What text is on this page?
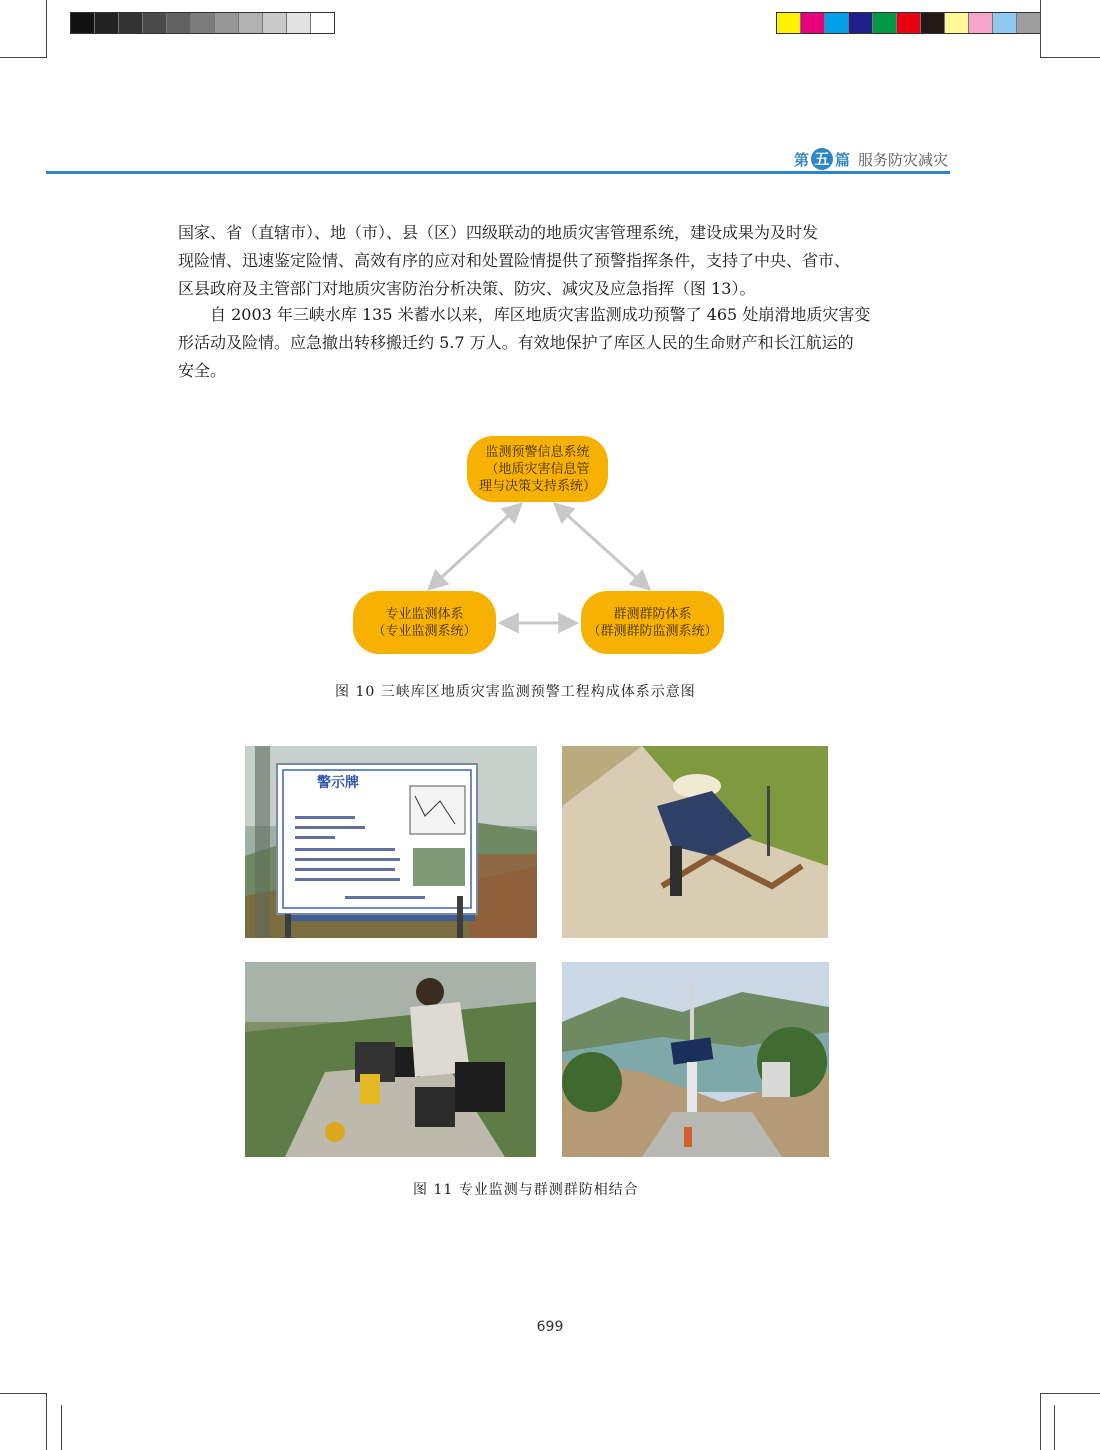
第 五 篇 服务防灾减灾

国家、省（直辖市）、地（市）、县（区）四级联动的地质灾害管理系统，建设成果为及时发
现险情、迅速鉴定险情、高效有序的应对和处置险情提供了预警指挥条件，支持了中央、省市、
区县政府及主管部门对地质灾害防治分析决策、防灾、减灾及应急指挥（图 13）。

自 2003 年三峡水库 135 米蓄水以来，库区地质灾害监测成功预警了 465 处崩滑地质灾害变
形活动及险情。应急撤出转移搬迁约 5.7 万人。有效地保护了库区人民的生命财产和长江航运的
安全。

监测预警信息系统
（地质灾害信息管
理与决策支持系统）
专业监测体系
（专业监测系统）
群测群防体系
（群测群防监测系统）
图 10 三峡库区地质灾害监测预警工程构成体系示意图
警示牌
图 11 专业监测与群测群防相结合
699
